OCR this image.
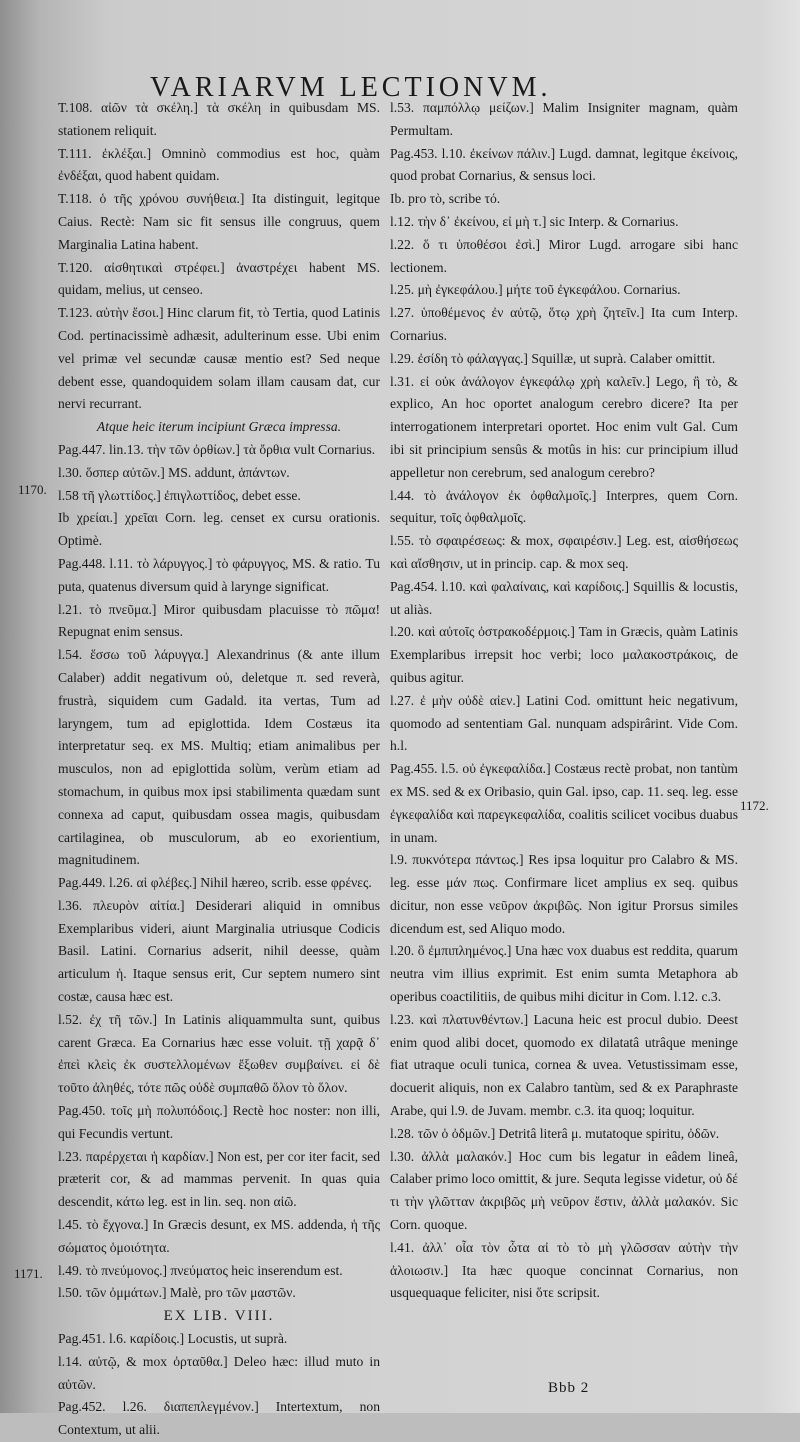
VARIARVM LECTIONVM.
1170.
1171.
1172.

T.108. αἰῶν τὰ σκέλη.] τὰ σκέλη in quibusdam MS. stationem reliquit.

T.111. ἐκλέξαι.] Omninò commodius est hoc, quàm ἐνδέξαι, quod habent quidam.

T.118. ὁ τῆς χρόνου συνήθεια.] Ita distinguit, legitque Caius. Rectè: Nam sic fit sensus ille congruus, quem Marginalia Latina habent.

T.120. αἰσθητικαὶ στρέφει.] ἀναστρέχει habent MS. quidam, melius, ut censeo.

T.123. αὐτὴν ἔσοι.] Hinc clarum fit, τὸ Tertia, quod Latinis Cod. pertinacissimè adhæsit, adulterinum esse. Ubi enim vel primæ vel secundæ causæ mentio est? Sed neque debent esse, quandoquidem solam illam causam dat, cur nervi recurrant.

Atque heic iterum incipiunt Græca impressa.

Pag.447. lin.13. τὴν τῶν ὀρθίων.] τὰ ὄρθια vult Cornarius.

l.30. ὅσπερ αὐτῶν.] MS. addunt, ἁπάντων.

l.58 τῆ γλωττίδος.] ἐπιγλωττίδος, debet esse.

Ib χρείαι.] χρεῖαι Corn. leg. censet ex cursu orationis. Optimè.

Pag.448. l.11. τὸ λάρυγγος.] τὸ φάρυγγος, MS. & ratio. Tu puta, quatenus diversum quid à larynge significat.

l.21. τὸ πνεῦμα.] Miror quibusdam placuisse τὸ πῶμα! Repugnat enim sensus.

l.54. ἕσσω τοῦ λάρυγγα.] Alexandrinus (& ante illum Calaber) addit negativum οὐ, deletque π. sed reverà, frustrà, siquidem cum Gadald. ita vertas, Tum ad laryngem, tum ad epiglottida. Idem Costæus ita interpretatur seq. ex MS. Multiq; etiam animalibus per musculos, non ad epiglottida solùm, verùm etiam ad stomachum, in quibus mox ipsi stabilimenta quædam sunt connexa ad caput, quibusdam ossea magis, quibusdam cartilaginea, ob musculorum, ab eo exorientium, magnitudinem.

Pag.449. l.26. αἱ φλέβες.] Nihil hæreo, scrib. esse φρένες.

l.36. πλευρὸν αἰτία.] Desiderari aliquid in omnibus Exemplaribus videri, aiunt Marginalia utriusque Codicis Basil. Latini. Cornarius adserit, nihil deesse, quàm articulum ἡ. Itaque sensus erit, Cur septem numero sint costæ, causa hæc est.

l.52. ἐχ τῆ τῶν.] In Latinis aliquammulta sunt, quibus carent Græca. Ea Cornarius hæc esse voluit. τῇ χαρᾷ δ᾽ ἐπεὶ κλεὶς ἐκ συστελλομένων ἔξωθεν συμβαίνει. εἰ δὲ τοῦτο ἀληθές, τότε πῶς οὐδὲ συμπαθῶ ὅλον τὸ ὅλον.

Pag.450. τοῖς μὴ πολυπόδοις.] Rectè hoc noster: non illi, qui Fecundis vertunt.

l.23. παρέρχεται ἡ καρδίαν.] Non est, per cor iter facit, sed præterit cor, & ad mammas pervenit. In quas quia descendit, κάτω leg. est in lin. seq. non αἰῶ.

l.45. τὸ ἔχγονα.] In Græcis desunt, ex MS. addenda, ἡ τῆς σώματος ὁμοιότητα.

l.49. τὸ πνεύμονος.] πνεύματος heic inserendum est.

l.50. τῶν ὀμμάτων.] Malè, pro τῶν μαστῶν.

EX LIB. VIII.

Pag.451. l.6. καρίδοις.] Locustis, ut suprà.

l.14. αὐτῷ, & mox ὀρταῦθα.] Deleo hæc: illud muto in αὐτῶν.

Pag.452. l.26. διαπεπλεγμένον.] Intertextum, non Contextum, ut alii.

l.53. παμπόλλῳ μείζων.] Malim Insigniter magnam, quàm Permultam.

Pag.453. l.10. ἐκείνων πάλιν.] Lugd. damnat, legitque ἐκείνοις, quod probat Cornarius, & sensus loci.

Ib. pro τὸ, scribe τό.

l.12. τὴν δ᾽ ἐκείνου, εἰ μὴ τ.] sic Interp. & Cornarius.

l.22. ὅ τι ὑποθέσοι ἐσὶ.] Miror Lugd. arrogare sibi hanc lectionem.

l.25. μὴ ἐγκεφάλου.] μήτε τοῦ ἐγκεφάλου. Cornarius.

l.27. ὑποθέμενος ἐν αὐτῷ, ὅτῳ χρὴ ζητεῖν.] Ita cum Interp. Cornarius.

l.29. ἐσίδη τὸ φάλαγγας.] Squillæ, ut suprà. Calaber omittit.

l.31. εἰ οὐκ ἀνάλογον ἐγκεφάλῳ χρὴ καλεῖν.] Lego, ἢ τὸ, & explico, An hoc oportet analogum cerebro dicere? Ita per interrogationem interpretari oportet. Hoc enim vult Gal. Cum ibi sit principium sensûs & motûs in his: cur principium illud appelletur non cerebrum, sed analogum cerebro?

l.44. τὸ ἀνάλογον ἐκ ὀφθαλμοῖς.] Interpres, quem Corn. sequitur, τοῖς ὀφθαλμοῖς.

l.55. τὸ σφαιρέσεως: & mox, σφαιρέσιν.] Leg. est, αἰσθήσεως καὶ αἴσθησιν, ut in princip. cap. & mox seq.

Pag.454. l.10. καὶ φαλαίναις, καὶ καρίδοις.] Squillis & locustis, ut aliàs.

l.20. καὶ αὐτοῖς ὀστρακοδέρμοις.] Tam in Græcis, quàm Latinis Exemplaribus irrepsit hoc verbi; loco μαλακοστράκοις, de quibus agitur.

l.27. ἐ μὴν οὐδὲ αἰεν.] Latini Cod. omittunt heic negativum, quomodo ad sententiam Gal. nunquam adspirârint. Vide Com. h.l.

Pag.455. l.5. οὐ ἐγκεφαλίδα.] Costæus rectè probat, non tantùm ex MS. sed & ex Oribasio, quin Gal. ipso, cap. 11. seq. leg. esse ἐγκεφαλίδα καὶ παρεγκεφαλίδα, coalitis scilicet vocibus duabus in unam.

l.9. πυκνότερα πάντως.] Res ipsa loquitur pro Calabro & MS. leg. esse μάν πως. Confirmare licet amplius ex seq. quibus dicitur, non esse νεῦρον ἀκριβῶς. Non igitur Prorsus similes dicendum est, sed Aliquo modo.

l.20. ὃ ἐμπιπλημένος.] Una hæc vox duabus est reddita, quarum neutra vim illius exprimit. Est enim sumta Metaphora ab operibus coactilitiis, de quibus mihi dicitur in Com. l.12. c.3.

l.23. καὶ πλατυνθέντων.] Lacuna heic est procul dubio. Deest enim quod alibi docet, quomodo ex dilatatâ utrâque meninge fiat utraque oculi tunica, cornea & uvea. Vetustissimam esse, docuerit aliquis, non ex Calabro tantùm, sed & ex Paraphraste Arabe, qui l.9. de Juvam. membr. c.3. ita quoq; loquitur.

l.28. τῶν ὁ ὀδμῶν.] Detritâ literâ μ. mutatoque spiritu, ὀδῶν.

l.30. ἀλλὰ μαλακόν.] Hoc cum bis legatur in eâdem lineâ, Calaber primo loco omittit, & jure. Sequta legisse videtur, οὐ δέ τι τὴν γλῶτταν ἀκριβῶς μὴ νεῦρον ἔστιν, ἀλλὰ μαλακόν. Sic Corn. quoque.

l.41. ἀλλ᾽ οἷα τὸν ὦτα αἰ τὸ τὸ μὴ γλῶσσαν αὐτὴν τὴν ἀλοιωσιν.] Ita hæc quoque concinnat Cornarius, non usquequaque feliciter, nisi ὅτε scripsit.

Bbb 2
